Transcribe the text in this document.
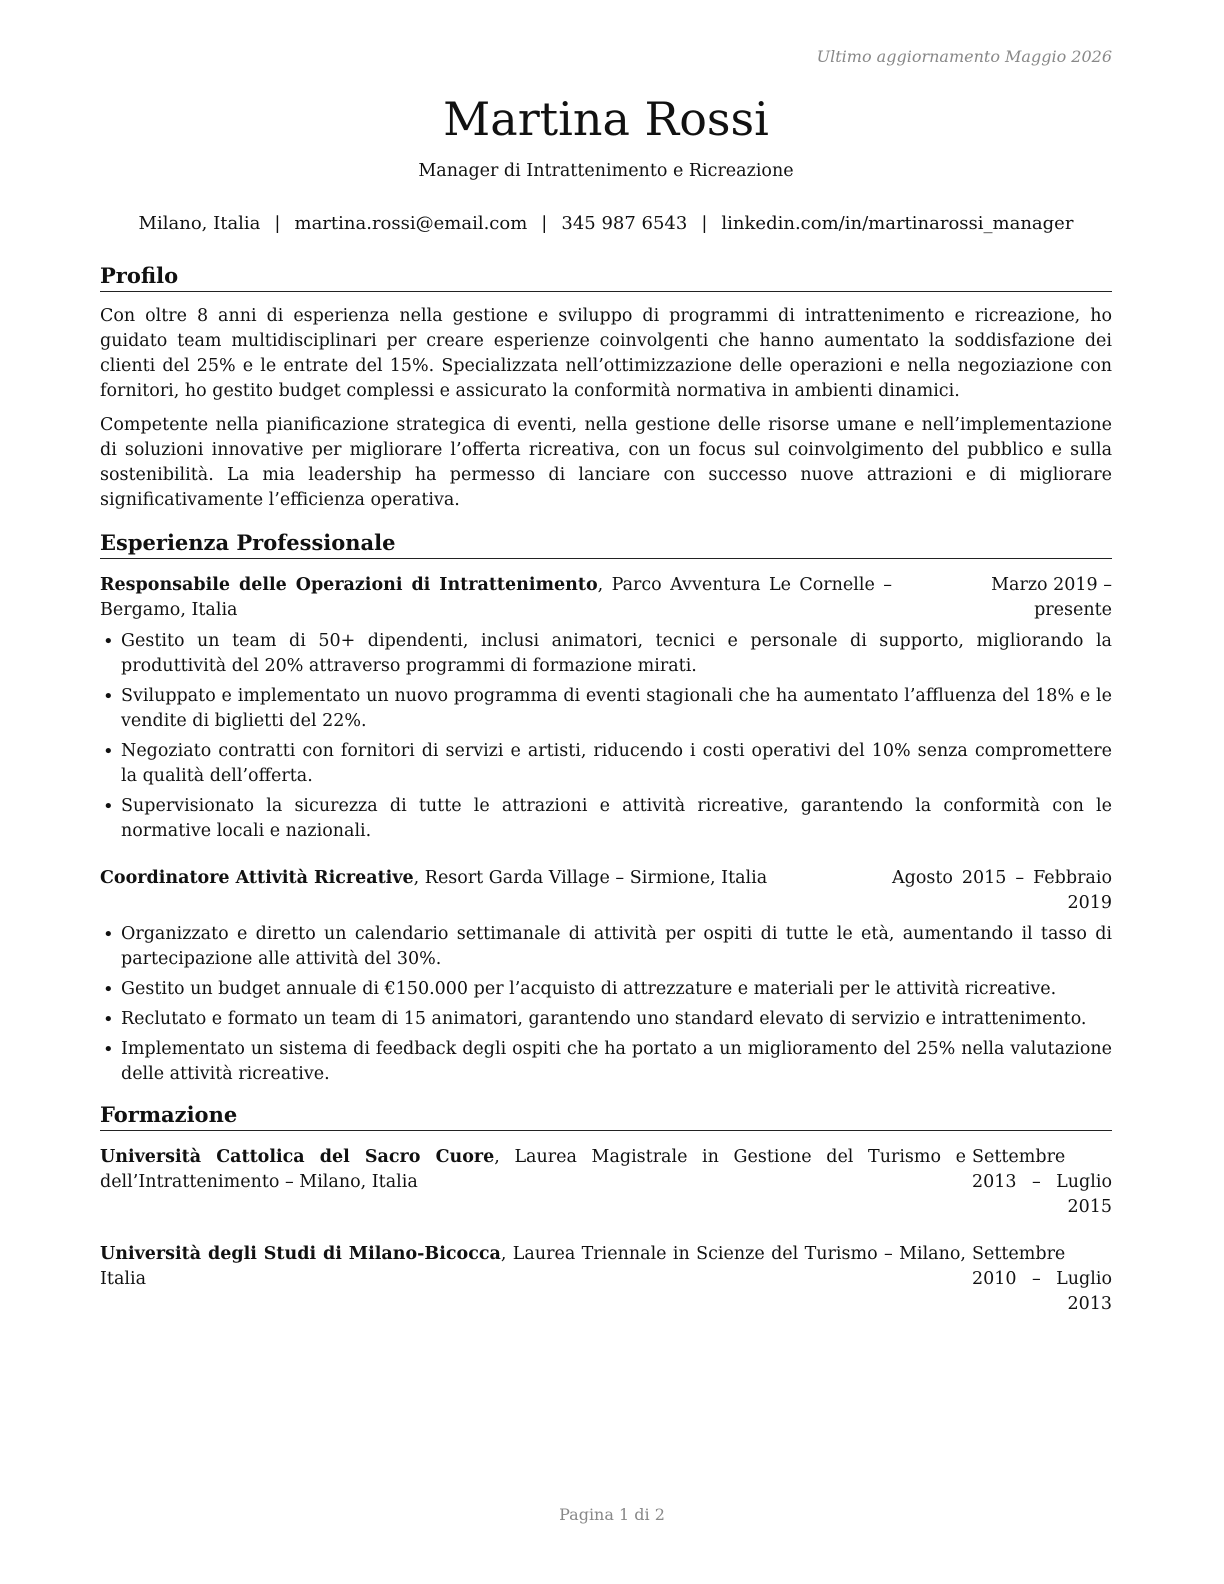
Ultimo aggiornamento Maggio 2026
Martina Rossi
Manager di Intrattenimento e Ricreazione
Milano, Italia | martina.rossi@email.com | 345 987 6543 | linkedin.com/in/martinarossi_manager
Profilo

Con oltre 8 anni di esperienza nella gestione e sviluppo di programmi di intrattenimento e ricreazione, ho guidato team multidisciplinari per creare esperienze coinvolgenti che hanno aumentato la soddisfazione dei clienti del 25% e le entrate del 15%. Specializzata nell’ottimizzazione delle operazioni e nella negoziazione con fornitori, ho gestito budget complessi e assicurato la conformità normativa in ambienti dinamici.

Competente nella pianificazione strategica di eventi, nella gestione delle risorse umane e nell’implementazione di soluzioni innovative per migliorare l’offerta ricreativa, con un focus sul coinvolgimento del pubblico e sulla sostenibilità. La mia leadership ha permesso di lanciare con successo nuove attrazioni e di migliorare significativamente l’efficienza operativa.

Esperienza Professionale
Responsabile delle Operazioni di Intrattenimento, Parco Avventura Le Cornelle – Bergamo, Italia
Marzo 2019 – presente
• Gestito un team di 50+ dipendenti, inclusi animatori, tecnici e personale di supporto, migliorando la produttività del 20% attraverso programmi di formazione mirati.
• Sviluppato e implementato un nuovo programma di eventi stagionali che ha aumentato l’affluenza del 18% e le vendite di biglietti del 22%.
• Negoziato contratti con fornitori di servizi e artisti, riducendo i costi operativi del 10% senza compromettere la qualità dell’offerta.
• Supervisionato la sicurezza di tutte le attrazioni e attività ricreative, garantendo la conformità con le normative locali e nazionali.
Coordinatore Attività Ricreative, Resort Garda Village – Sirmione, Italia	Agosto 2015 – Febbraio 2019
• Organizzato e diretto un calendario settimanale di attività per ospiti di tutte le età, aumentando il tasso di partecipazione alle attività del 30%.
• Gestito un budget annuale di €150.000 per l’acquisto di attrezzature e materiali per le attività ricreative.
• Reclutato e formato un team di 15 animatori, garantendo uno standard elevato di servizio e intrattenimento.
• Implementato un sistema di feedback degli ospiti che ha portato a un miglioramento del 25% nella valutazione delle attività ricreative.
Formazione
Università Cattolica del Sacro Cuore, Laurea Magistrale in Gestione del Turismo e dell’Intrattenimento – Milano, Italia
Settembre 2013 – Luglio 2015
Università degli Studi di Milano-Bicocca, Laurea Triennale in Scienze del Turismo – Milano, Italia
Settembre 2010 – Luglio 2013
Pagina 1 di 2
